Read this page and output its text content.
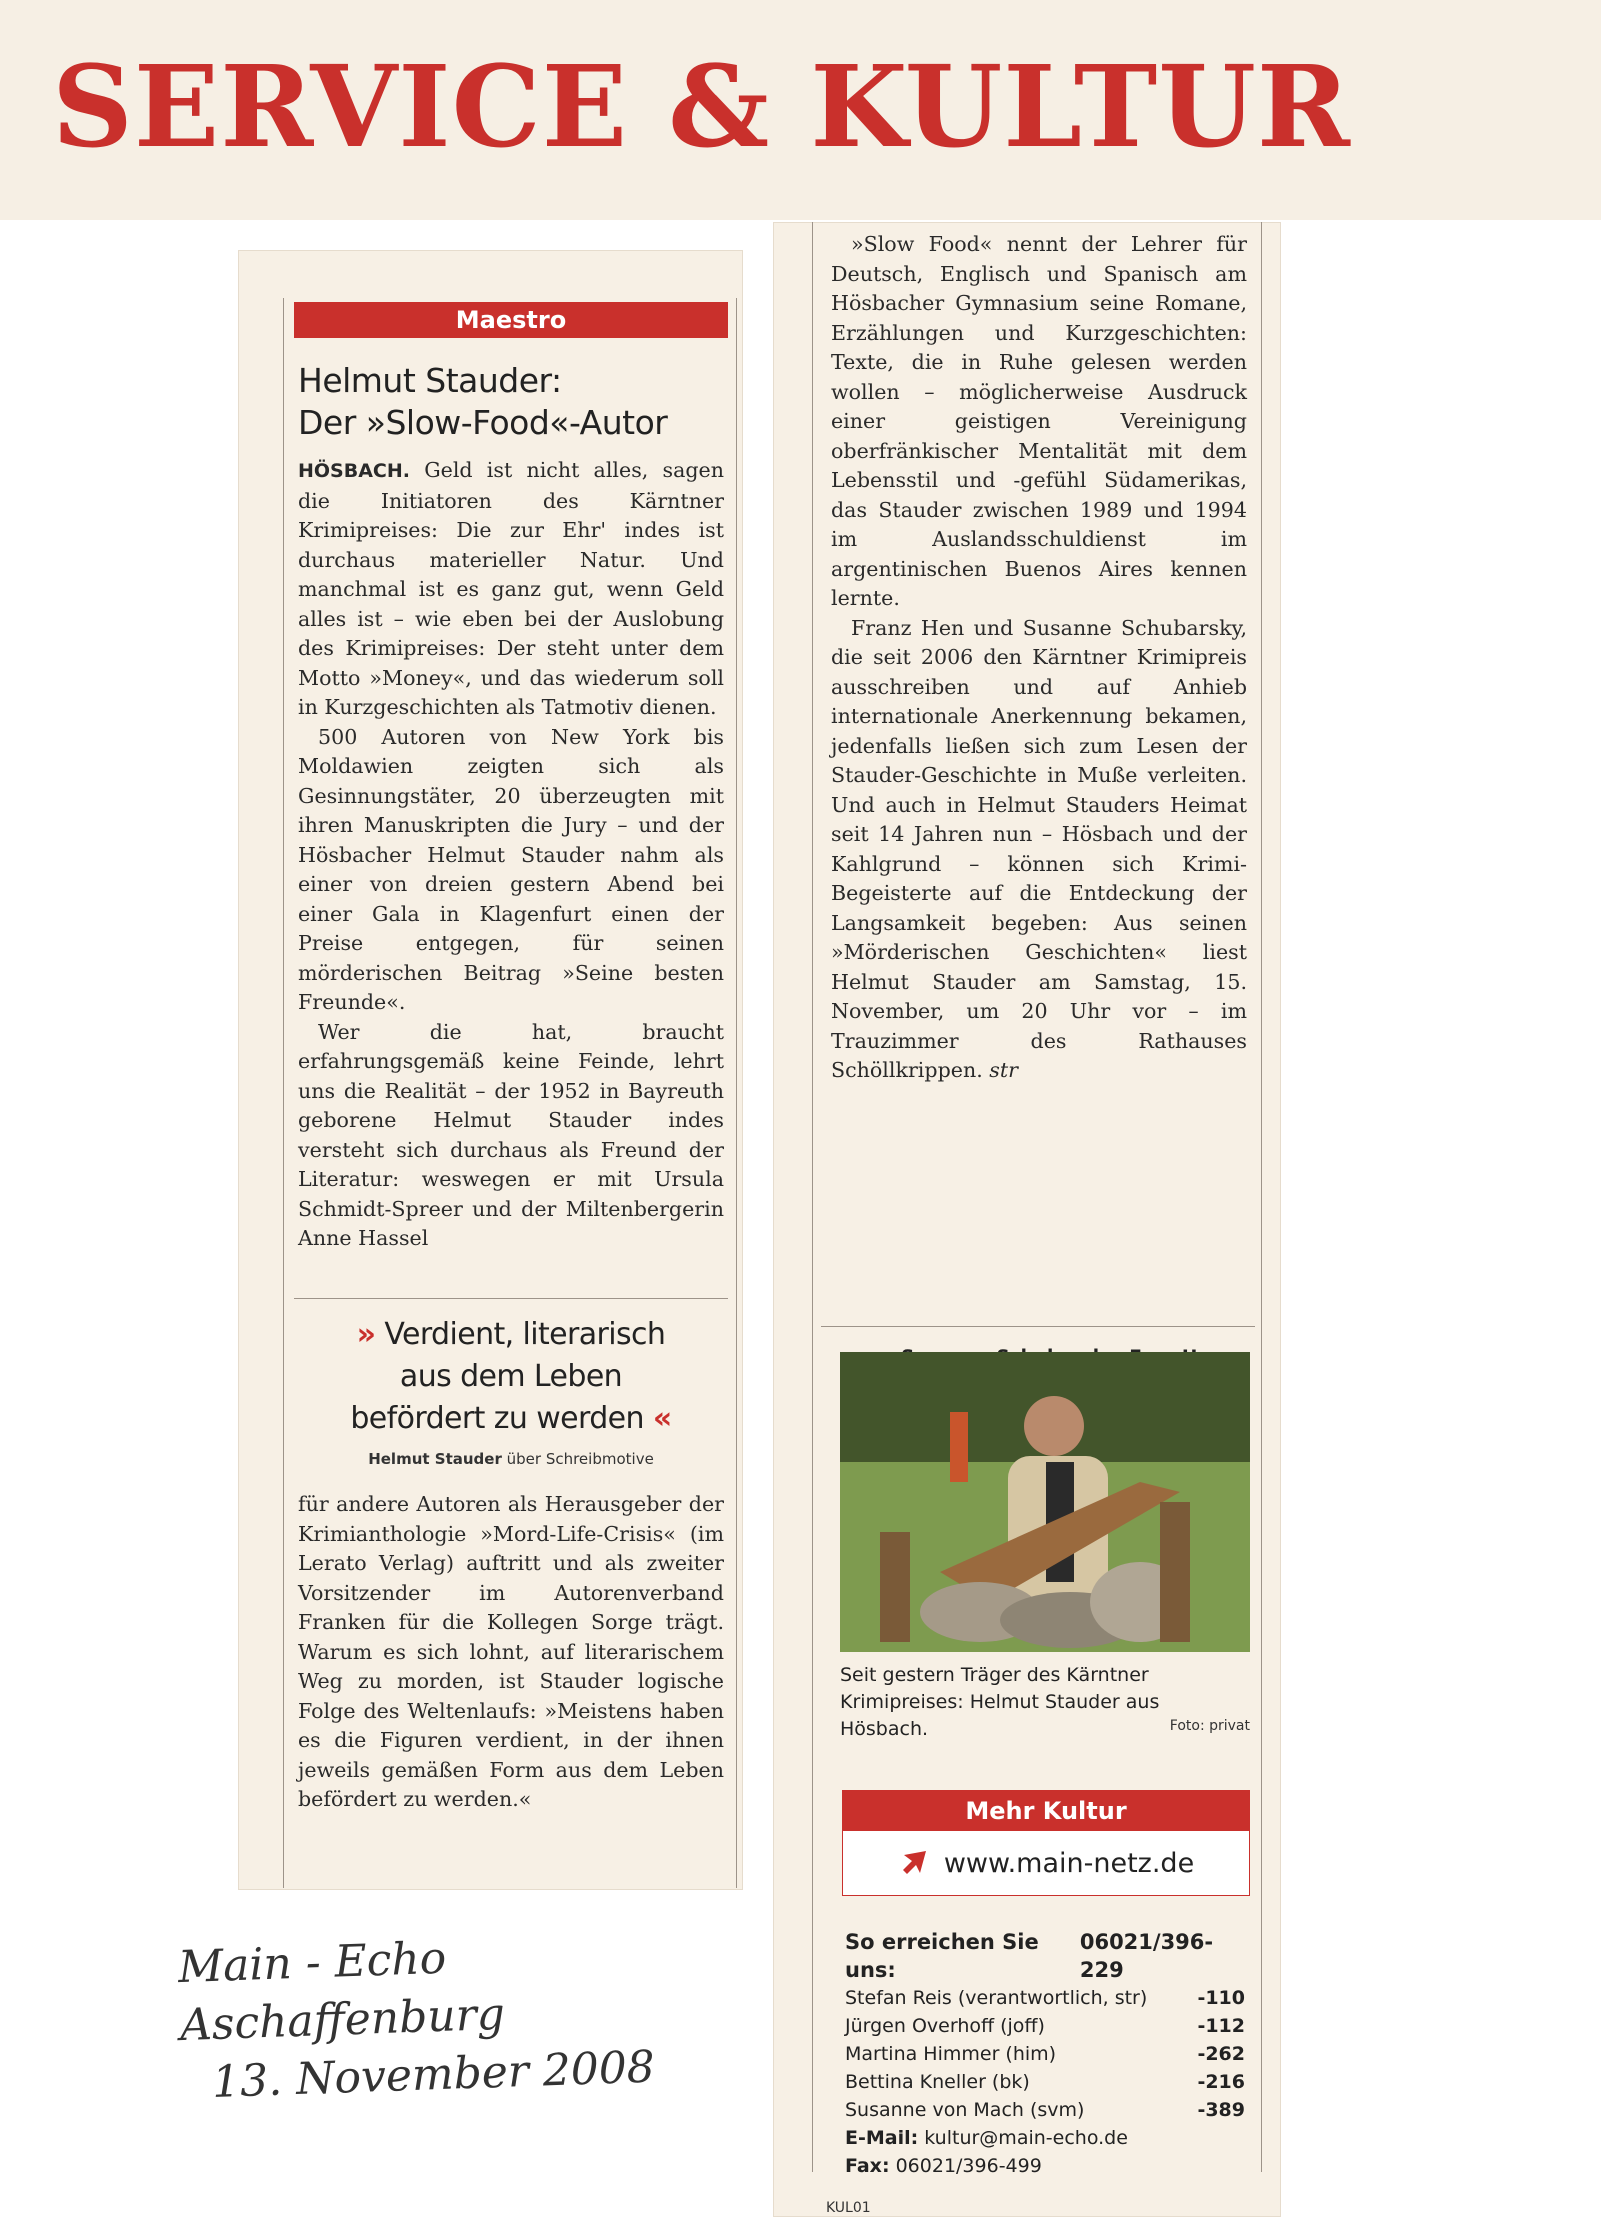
SERVICE & KULTUR
Maestro
Helmut Stauder:
Der »Slow-Food«-Autor

HÖSBACH. Geld ist nicht alles, sagen die Initiatoren des Kärntner Krimipreises: Die zur Ehr' indes ist durchaus materieller Natur. Und manchmal ist es ganz gut, wenn Geld alles ist – wie eben bei der Auslobung des Krimipreises: Der steht unter dem Motto »Money«, und das wiederum soll in Kurzgeschichten als Tatmotiv dienen.

500 Autoren von New York bis Moldawien zeigten sich als Gesinnungstäter, 20 überzeugten mit ihren Manuskripten die Jury – und der Hösbacher Helmut Stauder nahm als einer von dreien gestern Abend bei einer Gala in Klagenfurt einen der Preise entgegen, für seinen mörderischen Beitrag »Seine besten Freunde«.

Wer die hat, braucht erfahrungsgemäß keine Feinde, lehrt uns die Realität – der 1952 in Bayreuth geborene Helmut Stauder indes versteht sich durchaus als Freund der Literatur: weswegen er mit Ursula Schmidt-Spreer und der Miltenbergerin Anne Hassel

» Verdient, literarisch
aus dem Leben
befördert zu werden «
Helmut Stauder über Schreibmotive

für andere Autoren als Herausgeber der Krimianthologie »Mord-Life-Crisis« (im Lerato Verlag) auftritt und als zweiter Vorsitzender im Autorenverband Franken für die Kollegen Sorge trägt. Warum es sich lohnt, auf literarischem Weg zu morden, ist Stauder logische Folge des Weltenlaufs: »Meistens haben es die Figuren verdient, in der ihnen jeweils gemäßen Form aus dem Leben befördert zu werden.«

»Slow Food« nennt der Lehrer für Deutsch, Englisch und Spanisch am Hösbacher Gymnasium seine Romane, Erzählungen und Kurzgeschichten: Texte, die in Ruhe gelesen werden wollen – möglicherweise Ausdruck einer geistigen Vereinigung oberfränkischer Mentalität mit dem Lebensstil und -gefühl Südamerikas, das Stauder zwischen 1989 und 1994 im Auslandsschuldienst im argentinischen Buenos Aires kennen lernte.

Franz Hen und Susanne Schubarsky, die seit 2006 den Kärntner Krimipreis ausschreiben und auf Anhieb internationale Anerkennung bekamen, jedenfalls ließen sich zum Lesen der Stauder-Geschichte in Muße verleiten. Und auch in Helmut Stauders Heimat seit 14 Jahren nun – Hösbach und der Kahlgrund – können sich Krimi-Begeisterte auf die Entdeckung der Langsamkeit begeben: Aus seinen »Mörderischen Geschichten« liest Helmut Stauder am Samstag, 15. November, um 20 Uhr vor – im Trauzimmer des Rathauses Schöllkrippen. str

Seit gestern Träger des Kärntner Krimipreises: Helmut Stauder aus Hösbach.	Foto: privat
Mehr Kultur
www.main-netz.de
So erreichen Sie uns:
06021/396-229
Stefan Reis (verantwortlich, str)	-110
Jürgen Overhoff (joff)	-112
Martina Himmer (him)	-262
Bettina Kneller (bk)	-216
Susanne von Mach (svm)	-389
E-Mail: kultur@main-echo.de
Fax: 06021/396-499
KUL01
Main - Echo
Aschaffenburg
13. November 2008
